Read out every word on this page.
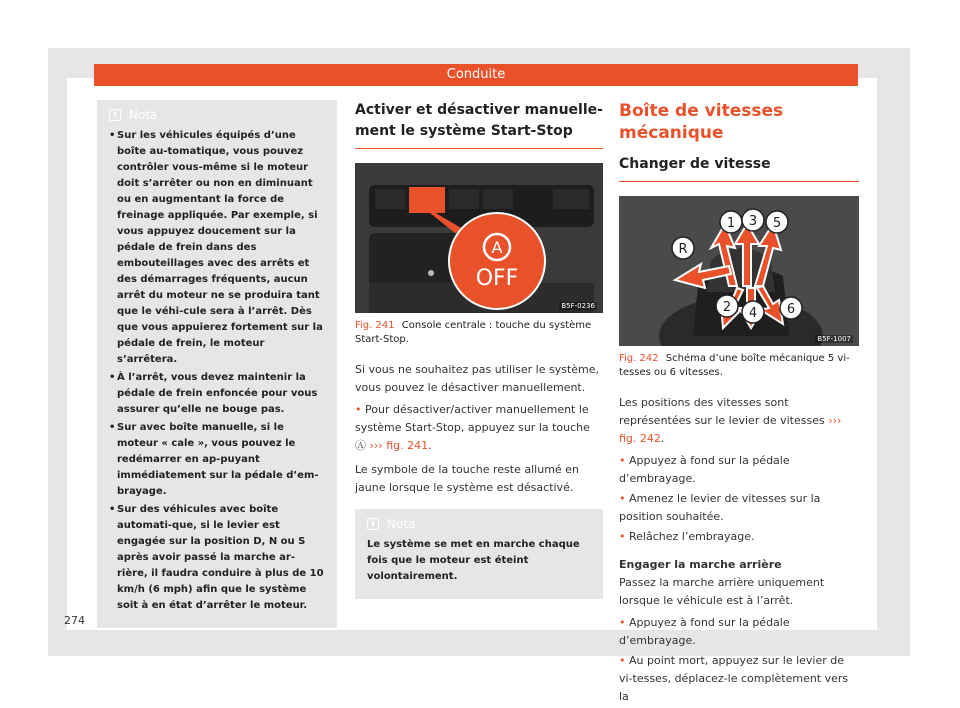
i	Nota
• Sur les véhicules équipés d’une boîte au-tomatique, vous pouvez contrôler vous-même si le moteur doit s’arrêter ou non en diminuant ou en augmentant la force de freinage appliquée. Par exemple, si vous appuyez doucement sur la pédale de frein dans des embouteillages avec des arrêts et des démarrages fréquents, aucun arrêt du moteur ne se produira tant que le véhi-cule sera à l’arrêt. Dès que vous appuierez fortement sur la pédale de frein, le moteur s’arrêtera.
• À l’arrêt, vous devez maintenir la pédale de frein enfoncée pour vous assurer qu’elle ne bouge pas.
• Sur avec boîte manuelle, si le moteur « cale », vous pouvez le redémarrer en ap-puyant immédiatement sur la pédale d’em-brayage.
• Sur des véhicules avec boîte automati-que, si le levier est engagée sur la position D, N ou S après avoir passé la marche ar-rière, il faudra conduire à plus de 10 km/h (6 mph) afin que le système soit à en état d’arrêter le moteur.
Activer et désactiver manuelle-ment le système Start-Stop
A
OFF
B5F-0236
Fig. 241 Console centrale : touche du système Start-Stop.
Si vous ne souhaitez pas utiliser le système, vous pouvez le désactiver manuellement.
• Pour désactiver/activer manuellement le système Start-Stop, appuyez sur la touche Ⓐ ››› fig. 241.
Le symbole de la touche reste allumé en jaune lorsque le système est désactivé.
i	Nota
Le système se met en marche chaque fois que le moteur est éteint volontairement.
Boîte de vitesses mécanique
Changer de vitesse
1 3 5
R
2 4 6
B5F-1007
Fig. 242 Schéma d’une boîte mécanique 5 vi-tesses ou 6 vitesses.
Les positions des vitesses sont représentées sur le levier de vitesses ››› fig. 242.
• Appuyez à fond sur la pédale d’embrayage.
• Amenez le levier de vitesses sur la position souhaitée.
• Relâchez l’embrayage.
Engager la marche arrière
Passez la marche arrière uniquement lorsque le véhicule est à l’arrêt.
• Appuyez à fond sur la pédale d’embrayage.
• Au point mort, appuyez sur le levier de vi-tesses, déplacez-le complètement vers la
Conduite
274
